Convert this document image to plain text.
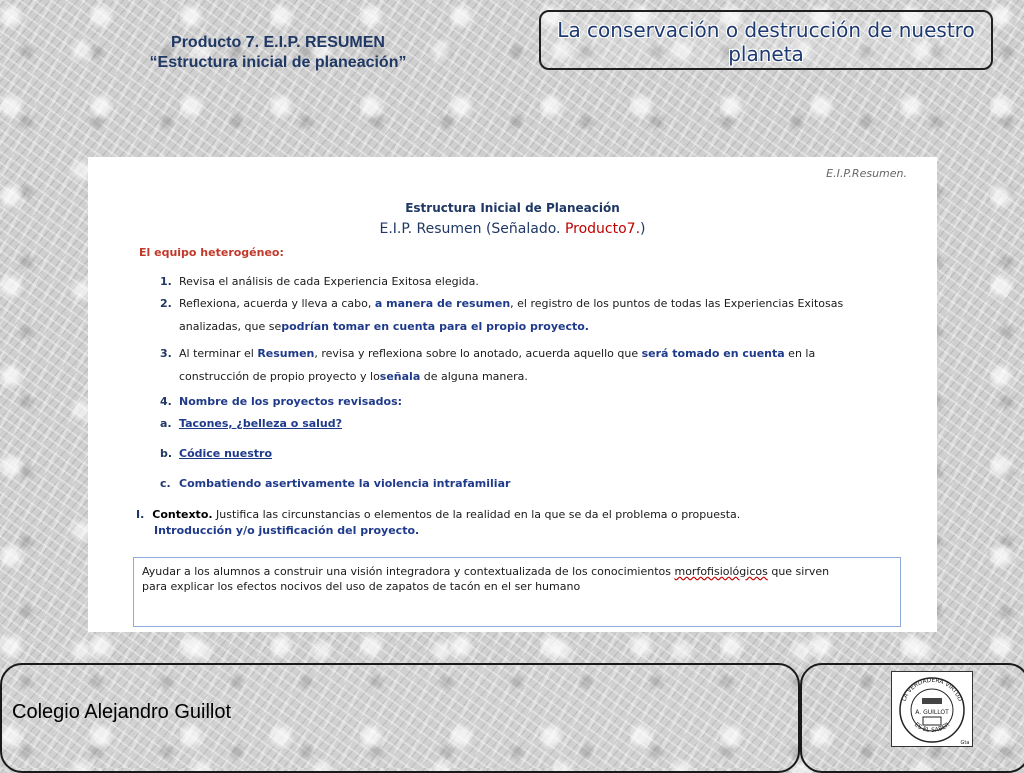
Producto 7. E.I.P. RESUMEN
“Estructura inicial de planeación”
La conservación o destrucción de nuestro
planeta
E.I.P.Resumen.
Estructura Inicial de Planeación
E.I.P. Resumen (Señalado. Producto7.)
El equipo heterogéneo:
1. Revisa el análisis de cada Experiencia Exitosa elegida.
2. Reflexiona, acuerda y lleva a cabo, a manera de resumen, el registro de los puntos de todas las Experiencias Exitosas
analizadas, que sepodrían tomar en cuenta para el propio proyecto.
3. Al terminar el Resumen, revisa y reflexiona sobre lo anotado, acuerda aquello que será tomado en cuenta en la
construcción de propio proyecto y loseñala de alguna manera.
4. Nombre de los proyectos revisados:
a. Tacones, ¿belleza o salud?
b. Códice nuestro
c. Combatiendo asertivamente la violencia intrafamiliar
I. Contexto. Justifica las circunstancias o elementos de la realidad en la que se da el problema o propuesta.
Introducción y/o justificación del proyecto.
Ayudar a los alumnos a construir una visión integradora y contextualizada de los conocimientos morfofisiológicos que sirven
para explicar los efectos nocivos del uso de zapatos de tacón en el ser humano
Colegio Alejandro Guillot
LA VERDADERA VIRTUD
ES EL SABER
A. GUILLOT
Gta
